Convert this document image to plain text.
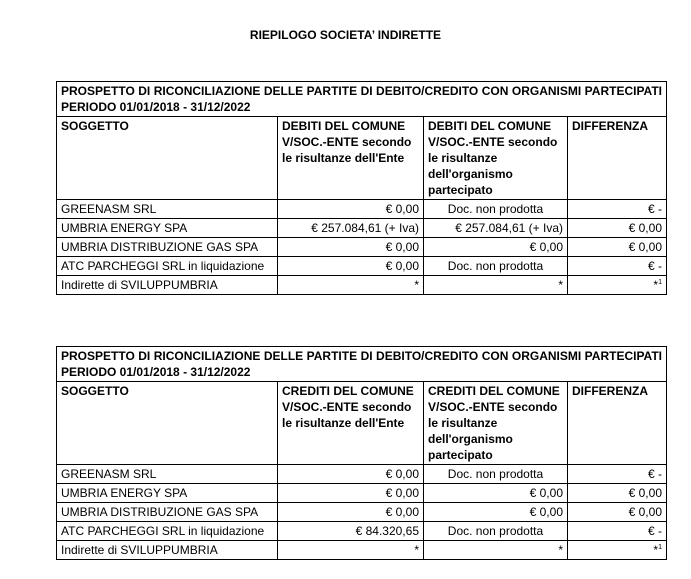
RIEPILOGO SOCIETA’ INDIRETTE
PROSPETTO DI RICONCILIAZIONE DELLE PARTITE DI DEBITO/CREDITO CON ORGANISMI PARTECIPATI
PERIODO 01/01/2018 - 31/12/2022			

SOGGETTO	DEBITI DEL COMUNE V/SOC.-ENTE secondo le risultanze dell'Ente	DEBITI DEL COMUNE V/SOC.-ENTE secondo le risultanze dell'organismo partecipato	DIFFERENZA
GREENASM SRL	€ 0,00	Doc. non prodotta	€ -
UMBRIA ENERGY SPA	€ 257.084,61 (+ Iva)	€ 257.084,61 (+ Iva)	€ 0,00
UMBRIA DISTRIBUZIONE GAS SPA	€ 0,00	€ 0,00	€ 0,00
ATC PARCHEGGI SRL in liquidazione	€ 0,00	Doc. non prodotta	€ -
Indirette di SVILUPPUMBRIA	*	*	*$^1$
PROSPETTO DI RICONCILIAZIONE DELLE PARTITE DI DEBITO/CREDITO CON ORGANISMI PARTECIPATI
PERIODO 01/01/2018 - 31/12/2022			

SOGGETTO	CREDITI DEL COMUNE V/SOC.-ENTE secondo le risultanze dell'Ente	CREDITI DEL COMUNE V/SOC.-ENTE secondo le risultanze dell'organismo partecipato	DIFFERENZA
GREENASM SRL	€ 0,00	Doc. non prodotta	€ -
UMBRIA ENERGY SPA	€ 0,00	€ 0,00	€ 0,00
UMBRIA DISTRIBUZIONE GAS SPA	€ 0,00	€ 0,00	€ 0,00
ATC PARCHEGGI SRL in liquidazione	€ 84.320,65	Doc. non prodotta	€ -
Indirette di SVILUPPUMBRIA	*	*	*$^1$
